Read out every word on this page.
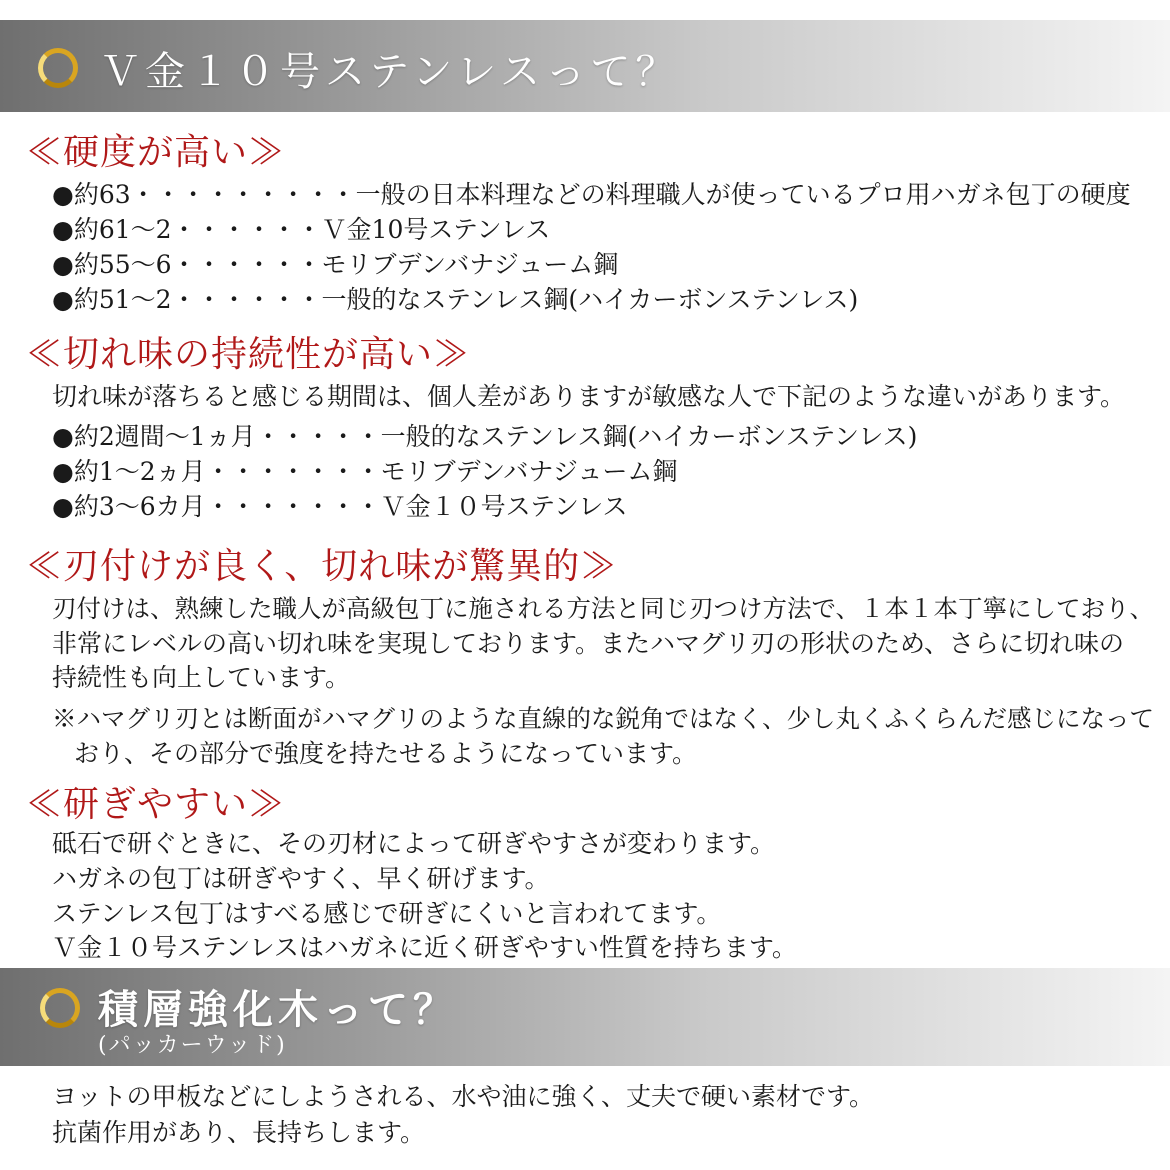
Ｖ金１０号ステンレスって？
≪硬度が高い≫
●約63・・・・・・・・・一般の日本料理などの料理職人が使っているプロ用ハガネ包丁の硬度
●約61〜2・・・・・・Ｖ金10号ステンレス
●約55〜6・・・・・・モリブデンバナジューム鋼
●約51〜2・・・・・・一般的なステンレス鋼(ハイカーボンステンレス)
≪切れ味の持続性が高い≫
切れ味が落ちると感じる期間は、個人差がありますが敏感な人で下記のような違いがあります。
●約2週間〜1ヵ月・・・・・一般的なステンレス鋼(ハイカーボンステンレス)
●約1〜2ヵ月・・・・・・・モリブデンバナジューム鋼
●約3〜6カ月・・・・・・・Ｖ金１０号ステンレス
≪刃付けが良く、切れ味が驚異的≫
刃付けは、熟練した職人が高級包丁に施される方法と同じ刃つけ方法で、１本１本丁寧にしており、
非常にレベルの高い切れ味を実現しております。またハマグリ刃の形状のため、さらに切れ味の
持続性も向上しています。
※ハマグリ刃とは断面がハマグリのような直線的な鋭角ではなく、少し丸くふくらんだ感じになって
おり、その部分で強度を持たせるようになっています。
≪研ぎやすい≫
砥石で研ぐときに、その刃材によって研ぎやすさが変わります。
ハガネの包丁は研ぎやすく、早く研げます。
ステンレス包丁はすべる感じで研ぎにくいと言われてます。
Ｖ金１０号ステンレスはハガネに近く研ぎやすい性質を持ちます。
積層強化木って？
(パッカーウッド)
ヨットの甲板などにしようされる、水や油に強く、丈夫で硬い素材です。
抗菌作用があり、長持ちします。
